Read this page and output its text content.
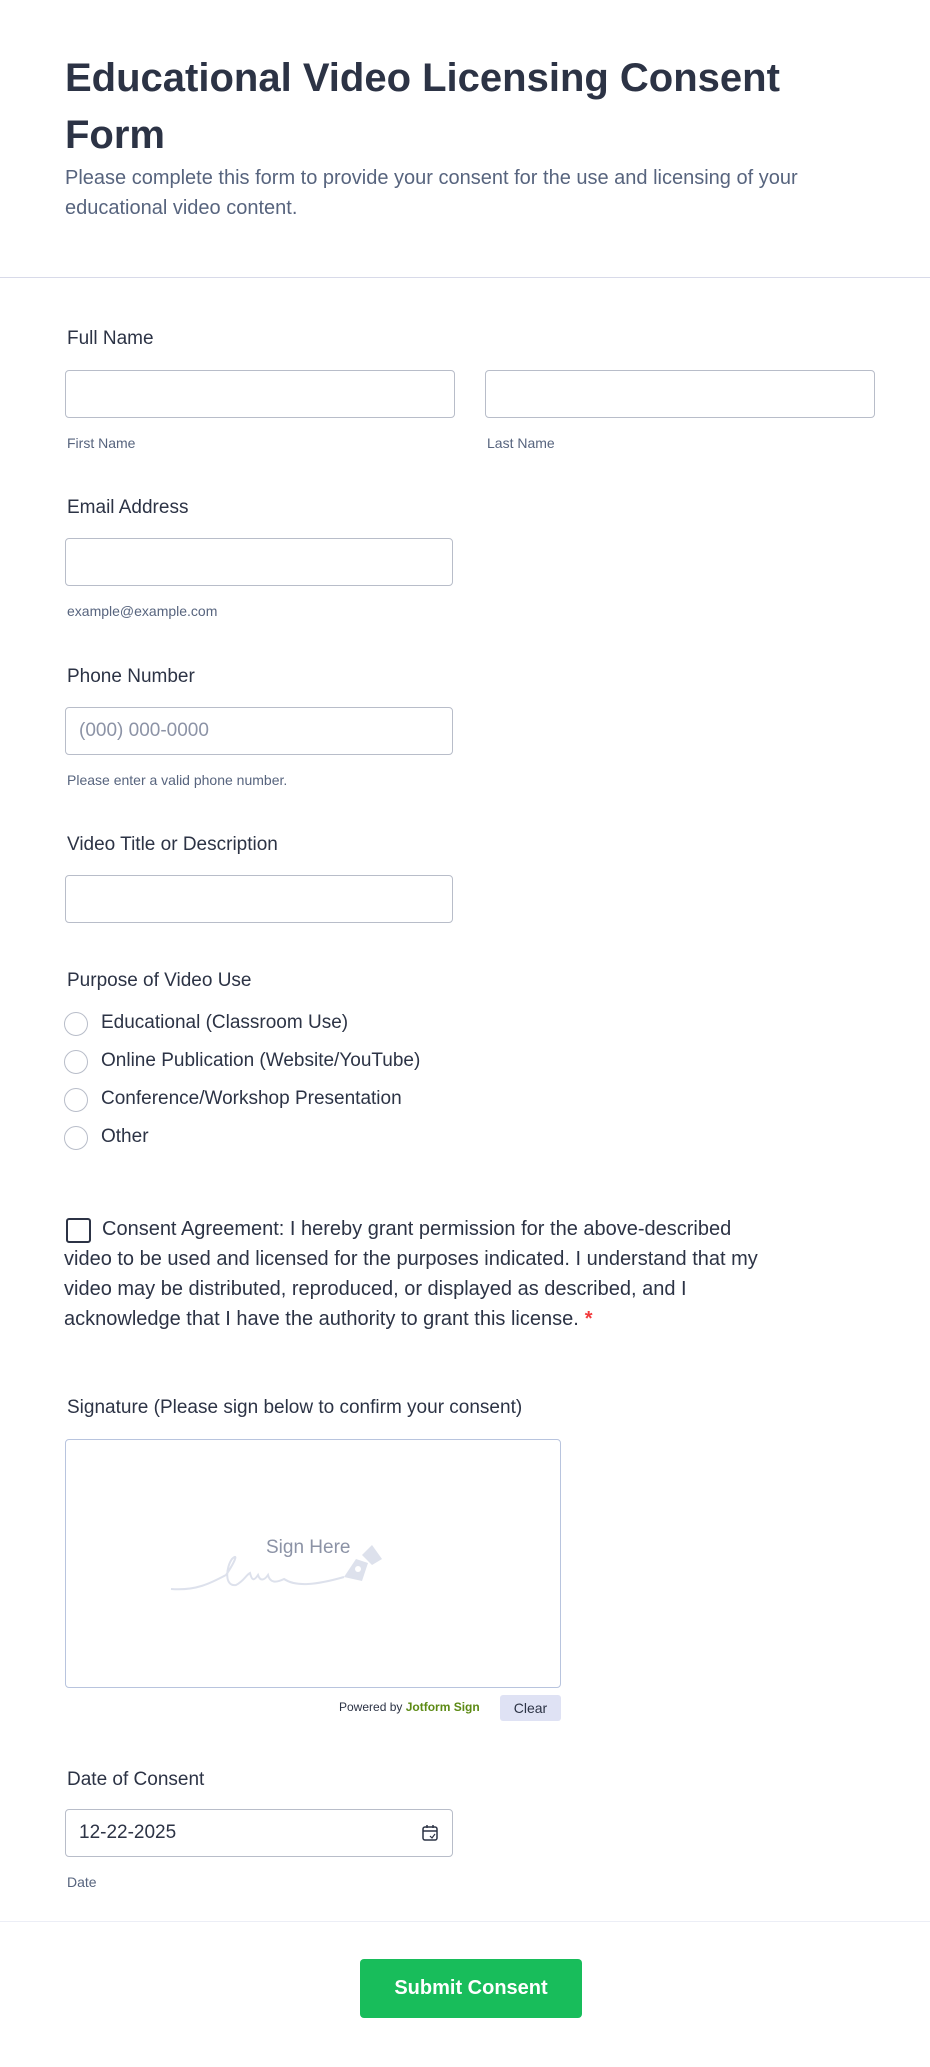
Educational Video Licensing Consent Form
Please complete this form to provide your consent for the use and licensing of your educational video content.
Full Name
First Name	Last Name
Email Address
example@example.com
Phone Number
(000) 000-0000
Please enter a valid phone number.
Video Title or Description
Purpose of Video Use
Educational (Classroom Use)
Online Publication (Website/YouTube)
Conference/Workshop Presentation
Other
Consent Agreement: I hereby grant permission for the above-described video to be used and licensed for the purposes indicated. I understand that my video may be distributed, reproduced, or displayed as described, and I acknowledge that I have the authority to grant this license. *
Signature (Please sign below to confirm your consent)
Sign Here
Powered by Jotform Sign	Clear
Date of Consent
12-22-2025
Date
Submit Consent
